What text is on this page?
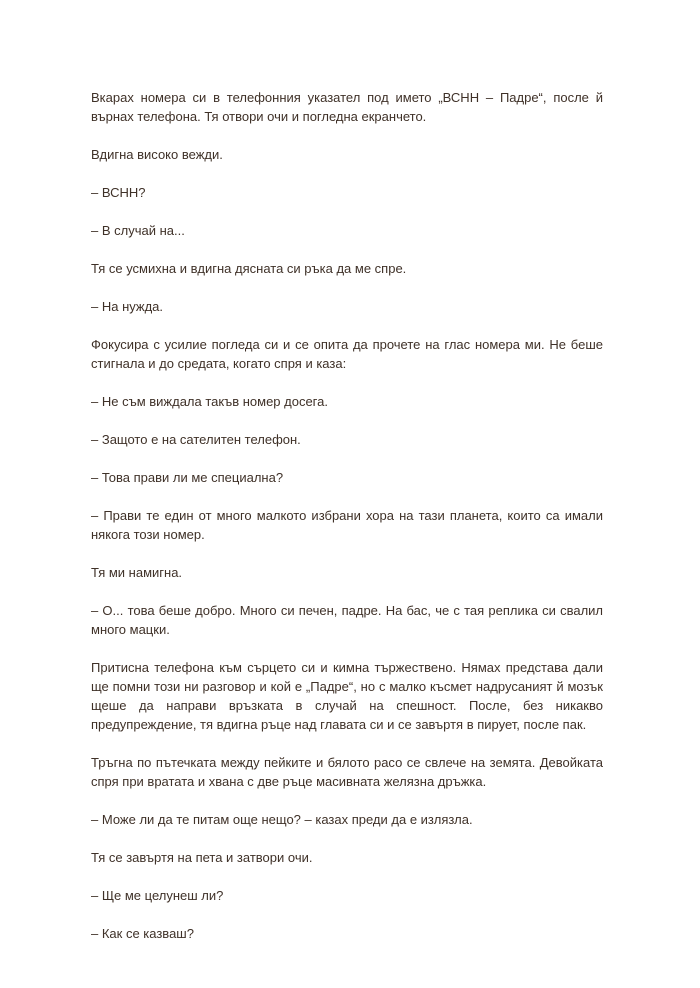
Вкарах номера си в телефонния указател под името „ВСНН – Падре“, после й върнах телефона. Тя отвори очи и погледна екранчето.

Вдигна високо вежди.

– ВСНН?

– В случай на...

Тя се усмихна и вдигна дясната си ръка да ме спре.

– На нужда.

Фокусира с усилие погледа си и се опита да прочете на глас номера ми. Не беше стигнала и до средата, когато спря и каза:

– Не съм виждала такъв номер досега.

– Защото е на сателитен телефон.

– Това прави ли ме специална?

– Прави те един от много малкото избрани хора на тази планета, които са имали някога този номер.

Тя ми намигна.

– О... това беше добро. Много си печен, падре. На бас, че с тая реплика си свалил много мацки.

Притисна телефона към сърцето си и кимна тържествено. Нямах представа дали ще помни този ни разговор и кой е „Падре“, но с малко късмет надрусаният й мозък щеше да направи връзката в случай на спешност. После, без никакво предупреждение, тя вдигна ръце над главата си и се завъртя в пирует, после пак.

Тръгна по пътечката между пейките и бялото расо се свлече на земята. Девойката спря при вратата и хвана с две ръце масивната желязна дръжка.

– Може ли да те питам още нещо? – казах преди да е излязла.

Тя се завъртя на пета и затвори очи.

– Ще ме целунеш ли?

– Как се казваш?
